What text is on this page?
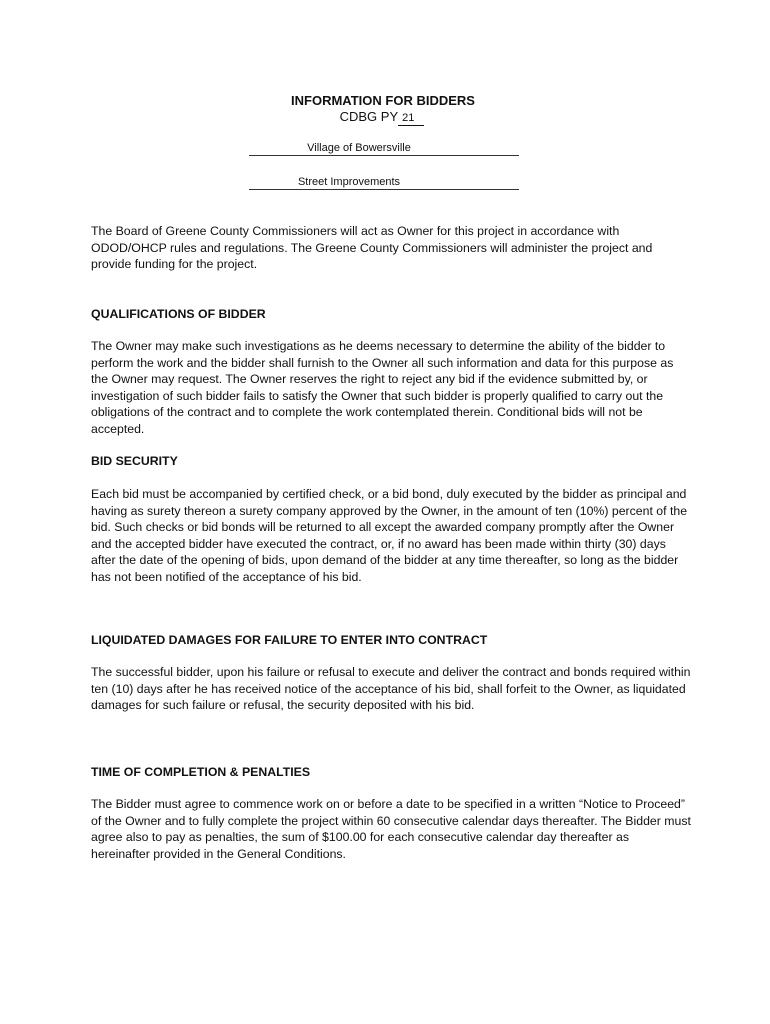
INFORMATION FOR BIDDERS
CDBG PY 21
Village of Bowersville
Street Improvements

The Board of Greene County Commissioners will act as Owner for this project in accordance with ODOD/OHCP rules and regulations. The Greene County Commissioners will administer the project and provide funding for the project.

QUALIFICATIONS OF BIDDER

The Owner may make such investigations as he deems necessary to determine the ability of the bidder to perform the work and the bidder shall furnish to the Owner all such information and data for this purpose as the Owner may request. The Owner reserves the right to reject any bid if the evidence submitted by, or investigation of such bidder fails to satisfy the Owner that such bidder is properly qualified to carry out the obligations of the contract and to complete the work contemplated therein. Conditional bids will not be accepted.

BID SECURITY

Each bid must be accompanied by certified check, or a bid bond, duly executed by the bidder as principal and having as surety thereon a surety company approved by the Owner, in the amount of ten (10%) percent of the bid. Such checks or bid bonds will be returned to all except the awarded company promptly after the Owner and the accepted bidder have executed the contract, or, if no award has been made within thirty (30) days after the date of the opening of bids, upon demand of the bidder at any time thereafter, so long as the bidder has not been notified of the acceptance of his bid.

LIQUIDATED DAMAGES FOR FAILURE TO ENTER INTO CONTRACT

The successful bidder, upon his failure or refusal to execute and deliver the contract and bonds required within ten (10) days after he has received notice of the acceptance of his bid, shall forfeit to the Owner, as liquidated damages for such failure or refusal, the security deposited with his bid.

TIME OF COMPLETION & PENALTIES

The Bidder must agree to commence work on or before a date to be specified in a written “Notice to Proceed” of the Owner and to fully complete the project within 60 consecutive calendar days thereafter. The Bidder must agree also to pay as penalties, the sum of $100.00 for each consecutive calendar day thereafter as hereinafter provided in the General Conditions.
